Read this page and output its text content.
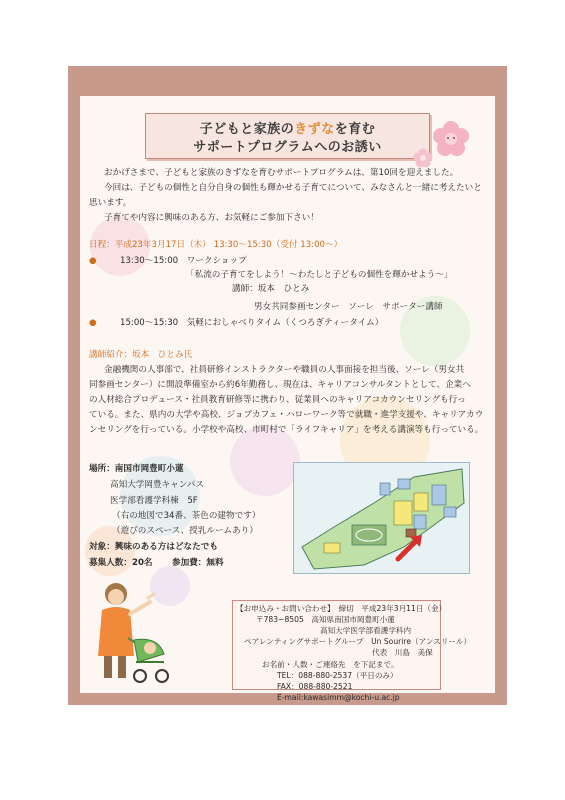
子どもと家族のきずなを育む
サポートプログラムへのお誘い
おかげさまで、子どもと家族のきずなを育むサポートプログラムは、第10回を迎えました。
今回は、子どもの個性と自分自身の個性も輝かせる子育てについて、みなさんと一緒に考えたいと
思います。
子育てや内容に興味のある方、お気軽にご参加下さい！
日程：平成23年3月17日（木） 13:30〜15:30（受付 13:00〜）
●	13:30〜15:00　ワークショップ
「私流の子育てをしよう！〜わたしと子どもの個性を輝かせよう〜」
講師：坂本　ひとみ
男女共同参画センター　ソーレ　サポーター講師
●	15:00〜15:30　気軽におしゃべりタイム（くつろぎティータイム）
講師紹介：坂本　ひとみ氏
金融機関の人事部で、社員研修インストラクターや職員の人事面接を担当後、ソーレ（男女共
同参画センター）に開設準備室から約6年勤務し、現在は、キャリアコンサルタントとして、企業へ
の人材総合プロデュース・社員教育研修等に携わり、従業員へのキャリアコカウンセリングも行っ
ている。また、県内の大学や高校、ジョブカフェ・ハローワーク等で就職・進学支援や、キャリアカウ
ンセリングを行っている。小学校や高校、市町村で「ライフキャリア」を考える講演等も行っている。
場所：南国市岡豊町小蓮
高知大学岡豊キャンパス
医学部看護学科棟　5F
（右の地図で34番、茶色の建物です）
（遊びのスペース、授乳ルームあり）
対象：興味のある方はどなたでも
募集人数：20名 参加費：無料
【お申込み・お問い合わせ】　締切　平成23年3月11日（金）
〒783−8505　高知県南国市岡豊町小蓮
高知大学医学部看護学科内
ペアレンティングサポートグループ　Un Sourire（アンスリール）
代表　川島　美保
お名前・人数・ご連絡先　を下記まで。
TEL：088-880-2537（平日のみ）
FAX：088-880-2521
E-mail:kawasimm@kochi-u.ac.jp
